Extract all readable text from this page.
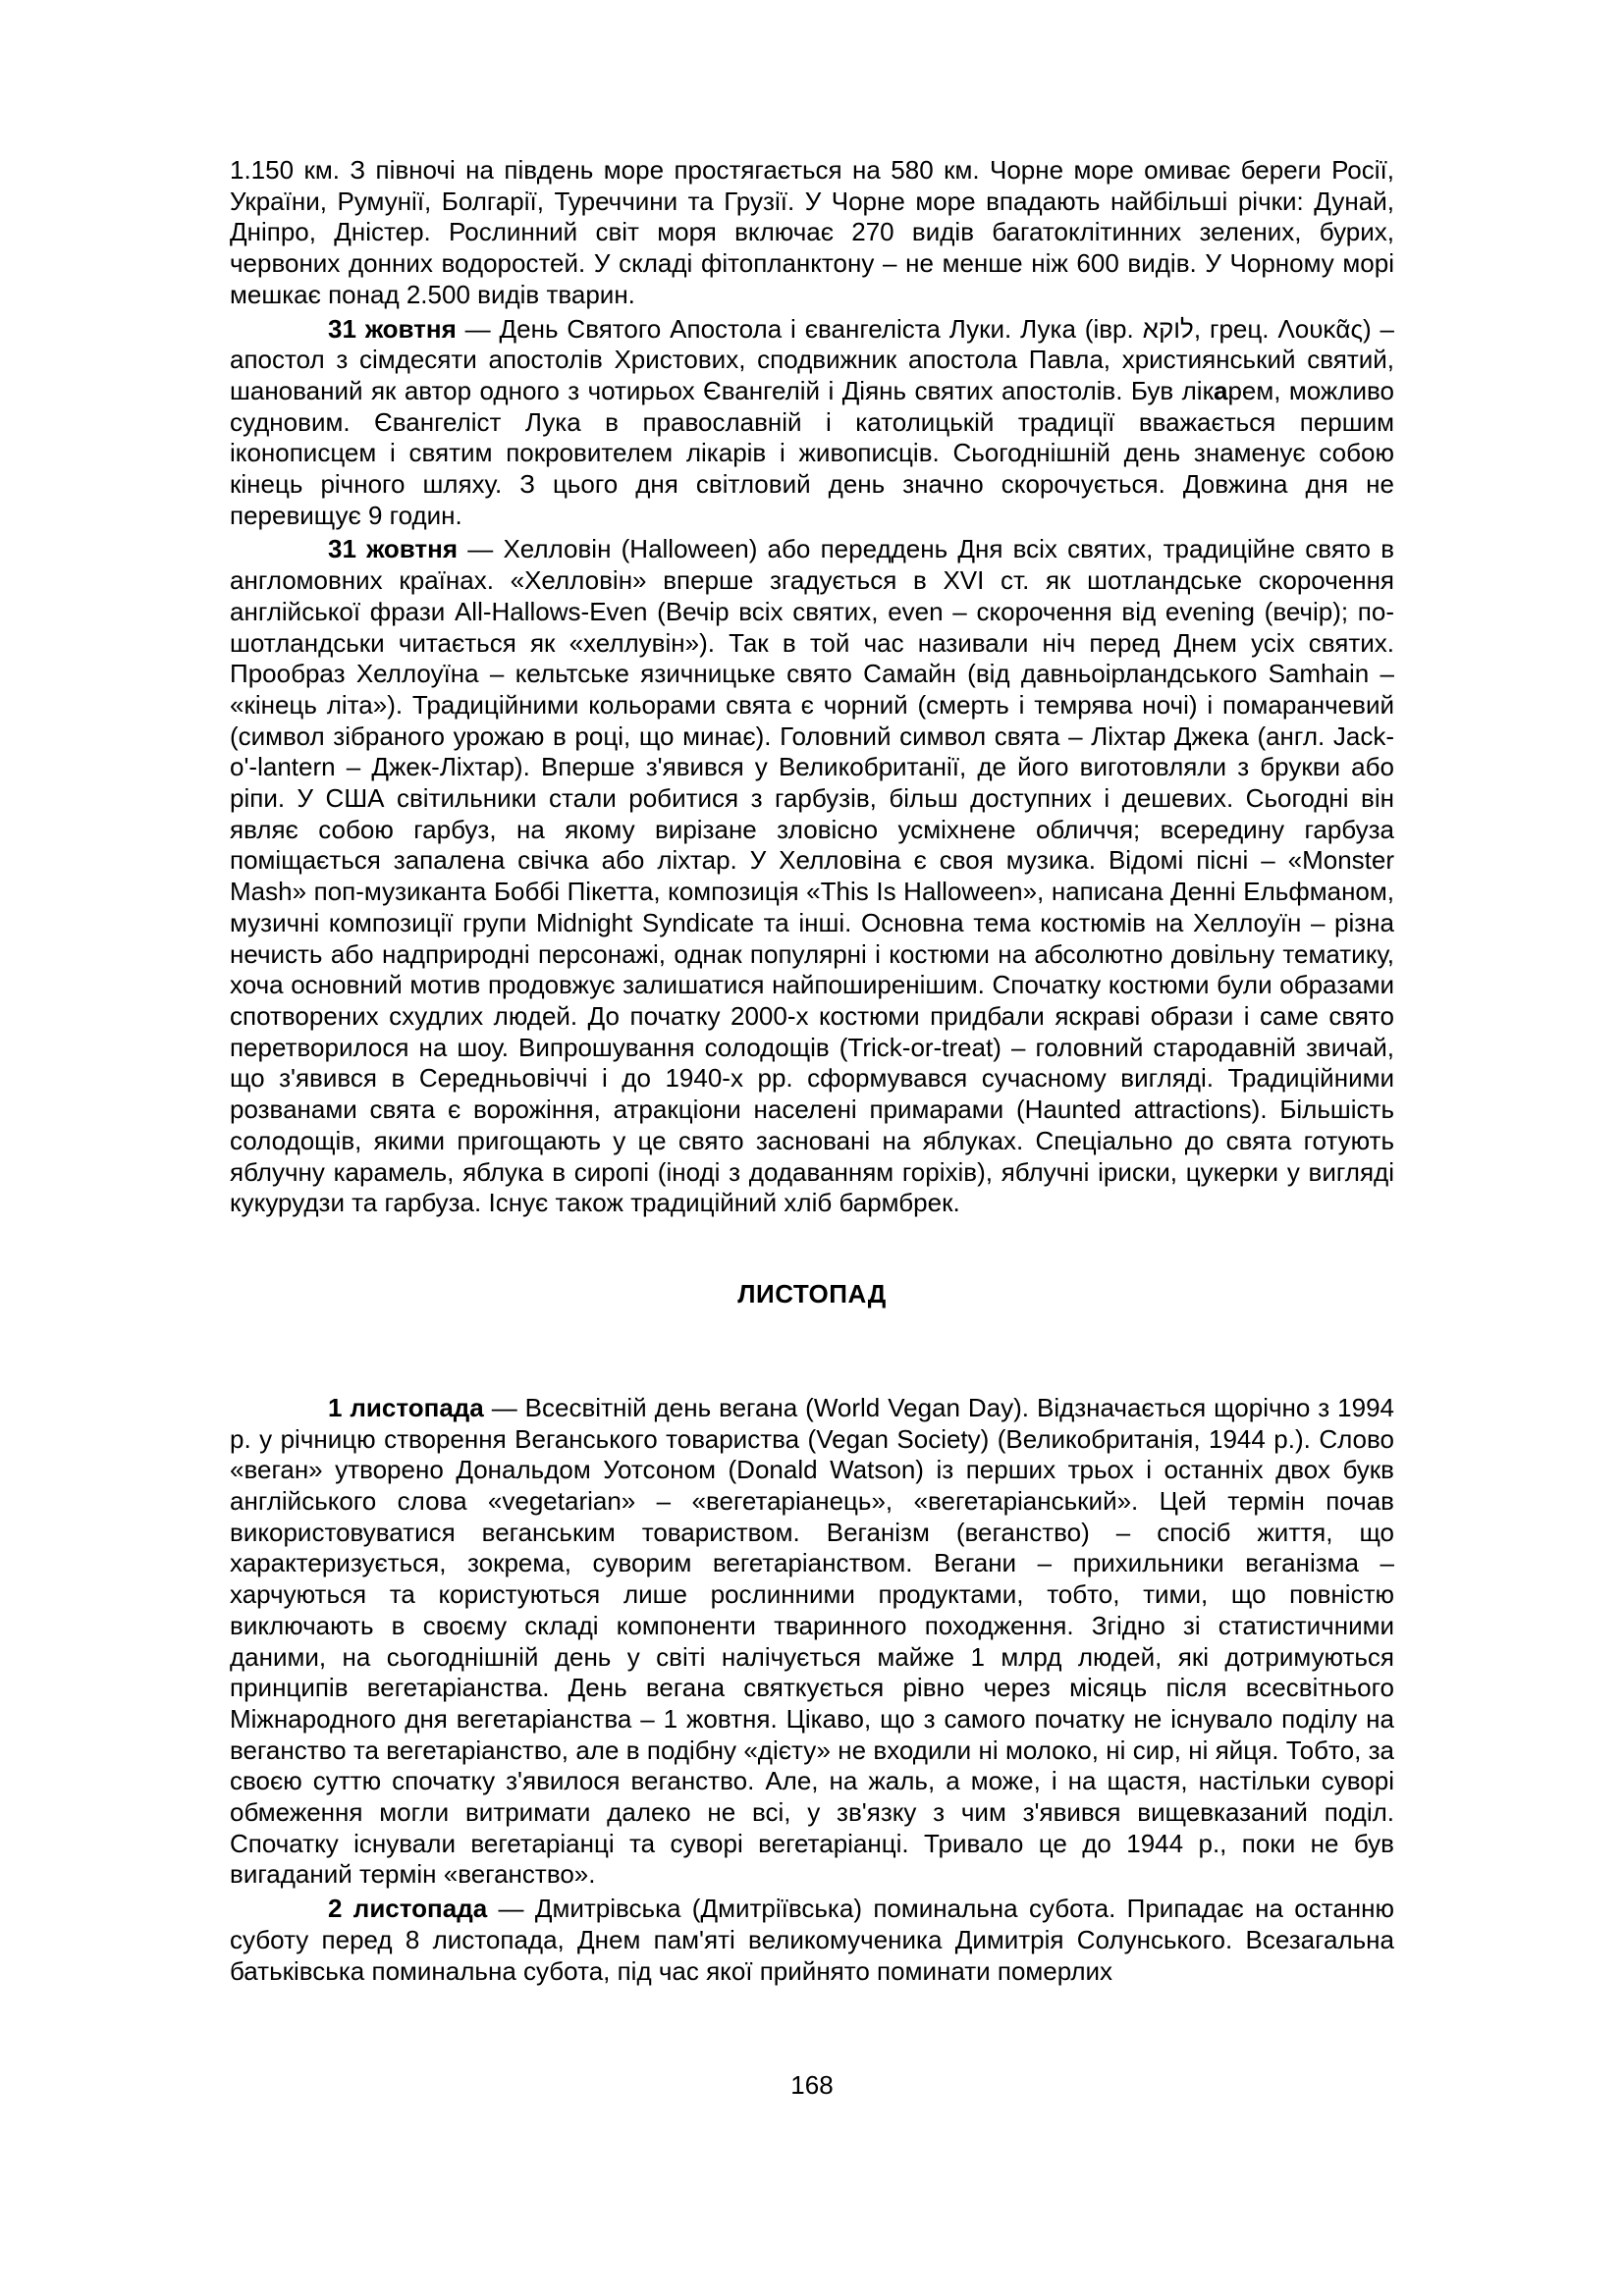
1.150 км. З півночі на південь море простягається на 580 км. Чорне море омиває береги Росії, України, Румунії, Болгарії, Туреччини та Грузії. У Чорне море впадають найбільші річки: Дунай, Дніпро, Дністер. Рослинний світ моря включає 270 видів багатоклітинних зелених, бурих, червоних донних водоростей. У складі фітопланктону – не менше ніж 600 видів. У Чорному морі мешкає понад 2.500 видів тварин.

31 жовтня — День Святого Апостола і євангеліста Луки. Лука (івр. לוקא, грец. Λουκᾶς) – апостол з сімдесяти апостолів Христових, сподвижник апостола Павла, християнський святий, шанований як автор одного з чотирьох Євангелій і Діянь святих апостолів. Був лікарем, можливо судновим. Євангеліст Лука в православній і католицькій традиції вважається першим іконописцем і святим покровителем лікарів і живописців. Сьогоднішній день знаменує собою кінець річного шляху. З цього дня світловий день значно скорочується. Довжина дня не перевищує 9 годин.

31 жовтня — Хелловін (Halloween) або переддень Дня всіх святих, традиційне свято в англомовних країнах. «Хелловін» вперше згадується в XVI ст. як шотландське скорочення англійської фрази All-Hallows-Even (Вечір всіх святих, even – скорочення від evening (вечір); по-шотландськи читається як «хеллувін»). Так в той час називали ніч перед Днем усіх святих. Прообраз Хеллоуїна – кельтське язичницьке свято Самайн (від давньоірландського Samhain – «кінець літа»). Традиційними кольорами свята є чорний (смерть і темрява ночі) і помаранчевий (символ зібраного урожаю в році, що минає). Головний символ свята – Ліхтар Джека (англ. Jack-o'-lantern – Джек-Ліхтар). Вперше з'явився у Великобританії, де його виготовляли з брукви або ріпи. У США світильники стали робитися з гарбузів, більш доступних і дешевих. Сьогодні він являє собою гарбуз, на якому вирізане зловісно усміхнене обличчя; всередину гарбуза поміщається запалена свічка або ліхтар. У Хелловіна є своя музика. Відомі пісні – «Monster Mash» поп-музиканта Боббі Пікетта, композиція «This Is Halloween», написана Денні Ельфманом, музичні композиції групи Midnight Syndicate та інші. Основна тема костюмів на Хеллоуїн – різна нечисть або надприродні персонажі, однак популярні і костюми на абсолютно довільну тематику, хоча основний мотив продовжує залишатися найпоширенішим. Спочатку костюми були образами спотворених схудлих людей. До початку 2000-х костюми придбали яскраві образи і саме свято перетворилося на шоу. Випрошування солодощів (Trick-or-treat) – головний стародавній звичай, що з'явився в Середньовіччі і до 1940-х рр. сформувався сучасному вигляді. Традиційними розванами свята є ворожіння, атракціони населені примарами (Haunted attractions). Більшість солодощів, якими пригощають у це свято засновані на яблуках. Спеціально до свята готують яблучну карамель, яблука в сиропі (іноді з додаванням горіхів), яблучні іриски, цукерки у вигляді кукурудзи та гарбуза. Існує також традиційний хліб бармбрек.

ЛИСТОПАД

1 листопада — Всесвітній день вегана (World Vegan Day). Відзначається щорічно з 1994 р. у річницю створення Веганського товариства (Vegan Society) (Великобританія, 1944 р.). Слово «веган» утворено Дональдом Уотсоном (Donald Watson) із перших трьох і останніх двох букв англійського слова «vegetarian» – «вегетаріанець», «вегетаріанський». Цей термін почав використовуватися веганським товариством. Веганізм (веганство) – спосіб життя, що характеризується, зокрема, суворим вегетаріанством. Вегани – прихильники веганізма – харчуються та користуються лише рослинними продуктами, тобто, тими, що повністю виключають в своєму складі компоненти тваринного походження. Згідно зі статистичними даними, на сьогоднішній день у світі налічується майже 1 млрд людей, які дотримуються принципів вегетаріанства. День вегана святкується рівно через місяць після всесвітнього Міжнародного дня вегетаріанства – 1 жовтня. Цікаво, що з самого початку не існувало поділу на веганство та вегетаріанство, але в подібну «дієту» не входили ні молоко, ні сир, ні яйця. Тобто, за своєю суттю спочатку з'явилося веганство. Але, на жаль, а може, і на щастя, настільки суворі обмеження могли витримати далеко не всі, у зв'язку з чим з'явився вищевказаний поділ. Спочатку існували вегетаріанці та суворі вегетаріанці. Тривало це до 1944 р., поки не був вигаданий термін «веганство».

2 листопада — Дмитрівська (Дмитріївська) поминальна субота. Припадає на останню суботу перед 8 листопада, Днем пам'яті великомученика Димитрія Солунського. Всезагальна батьківська поминальна субота, під час якої прийнято поминати померлих

168
